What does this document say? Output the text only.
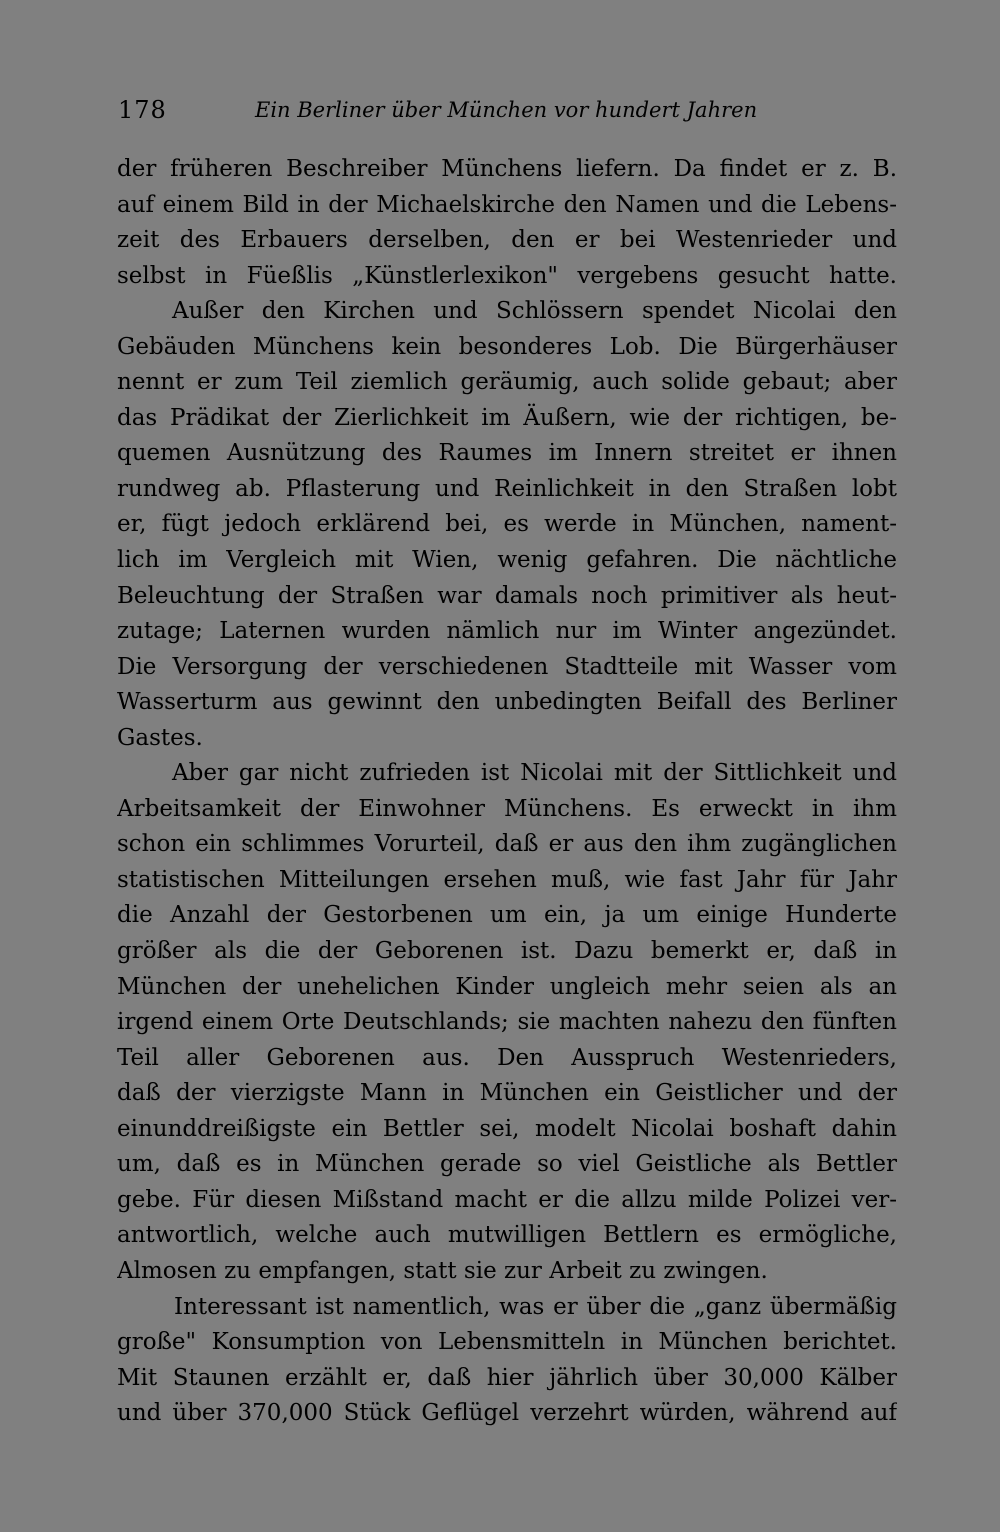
178	Ein Berliner über München vor hundert Jahren
der früheren Beschreiber Münchens liefern. Da findet er z. B.
auf einem Bild in der Michaelskirche den Namen und die Lebens-
zeit des Erbauers derselben, den er bei Westenrieder und
selbst in Füeßlis „Künstlerlexikon" vergebens gesucht hatte.
Außer den Kirchen und Schlössern spendet Nicolai den
Gebäuden Münchens kein besonderes Lob. Die Bürgerhäuser
nennt er zum Teil ziemlich geräumig, auch solide gebaut; aber
das Prädikat der Zierlichkeit im Äußern, wie der richtigen, be-
quemen Ausnützung des Raumes im Innern streitet er ihnen
rundweg ab. Pflasterung und Reinlichkeit in den Straßen lobt
er, fügt jedoch erklärend bei, es werde in München, nament-
lich im Vergleich mit Wien, wenig gefahren. Die nächtliche
Beleuchtung der Straßen war damals noch primitiver als heut-
zutage; Laternen wurden nämlich nur im Winter angezündet.
Die Versorgung der verschiedenen Stadtteile mit Wasser vom
Wasserturm aus gewinnt den unbedingten Beifall des Berliner
Gastes.
Aber gar nicht zufrieden ist Nicolai mit der Sittlichkeit und
Arbeitsamkeit der Einwohner Münchens. Es erweckt in ihm
schon ein schlimmes Vorurteil, daß er aus den ihm zugänglichen
statistischen Mitteilungen ersehen muß, wie fast Jahr für Jahr
die Anzahl der Gestorbenen um ein, ja um einige Hunderte
größer als die der Geborenen ist. Dazu bemerkt er, daß in
München der unehelichen Kinder ungleich mehr seien als an
irgend einem Orte Deutschlands; sie machten nahezu den fünften
Teil aller Geborenen aus. Den Ausspruch Westenrieders,
daß der vierzigste Mann in München ein Geistlicher und der
einunddreißigste ein Bettler sei, modelt Nicolai boshaft dahin
um, daß es in München gerade so viel Geistliche als Bettler
gebe. Für diesen Mißstand macht er die allzu milde Polizei ver-
antwortlich, welche auch mutwilligen Bettlern es ermögliche,
Almosen zu empfangen, statt sie zur Arbeit zu zwingen.
Interessant ist namentlich, was er über die „ganz übermäßig
große" Konsumption von Lebensmitteln in München berichtet.
Mit Staunen erzählt er, daß hier jährlich über 30,000 Kälber
und über 370,000 Stück Geflügel verzehrt würden, während auf
